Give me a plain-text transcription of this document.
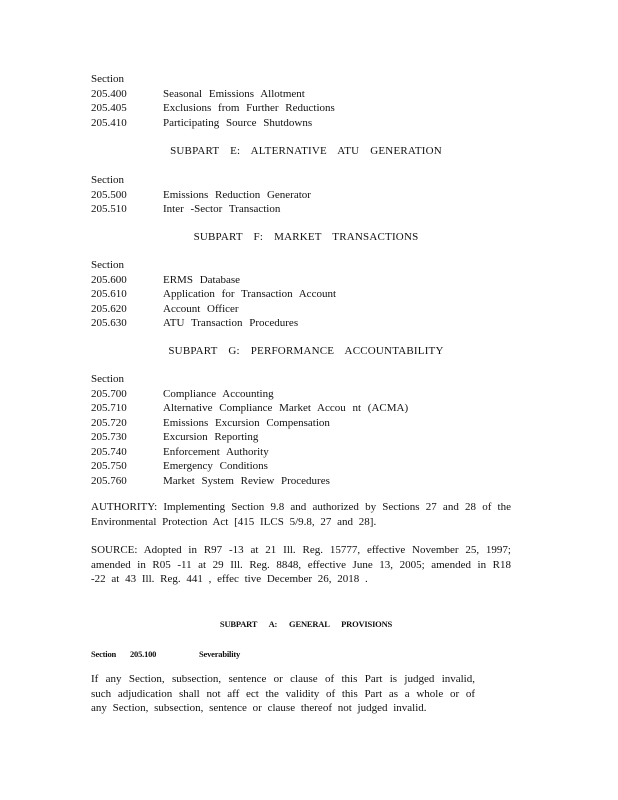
Section
205.400	Seasonal Emissions Allotment
205.405	Exclusions from Further Reductions
205.410	Participating Source Shutdowns
SUBPART E: ALTERNATIVE ATU GENERATION
Section
205.500	Emissions Reduction Generator
205.510	Inter -Sector Transaction
SUBPART F: MARKET TRANSACTIONS
Section
205.600	ERMS Database
205.610	Application for Transaction Account
205.620	Account Officer
205.630	ATU Transaction Procedures
SUBPART G: PERFORMANCE ACCOUNTABILITY
Section
205.700	Compliance Accounting
205.710	Alternative Compliance Market Accou nt (ACMA)
205.720	Emissions Excursion Compensation
205.730	Excursion Reporting
205.740	Enforcement Authority
205.750	Emergency Conditions
205.760	Market System Review Procedures
AUTHORITY: Implementing Section 9.8 and authorized by Sections 27 and 28 of the Environmental Protection Act [415 ILCS 5/9.8, 27 and 28].
SOURCE: Adopted in R97 -13 at 21 Ill. Reg. 15777, effective November 25, 1997; amended in R05 -11 at 29 Ill. Reg. 8848, effective June 13, 2005; amended in R18 -22 at 43 Ill. Reg. 441 , effec tive December 26, 2018 .
SUBPART A: GENERAL PROVISIONS
Section 205.100	Severability
If any Section, subsection, sentence or clause of this Part is judged invalid, such adjudication shall not aff ect the validity of this Part as a whole or of any Section, subsection, sentence or clause thereof not judged invalid.
